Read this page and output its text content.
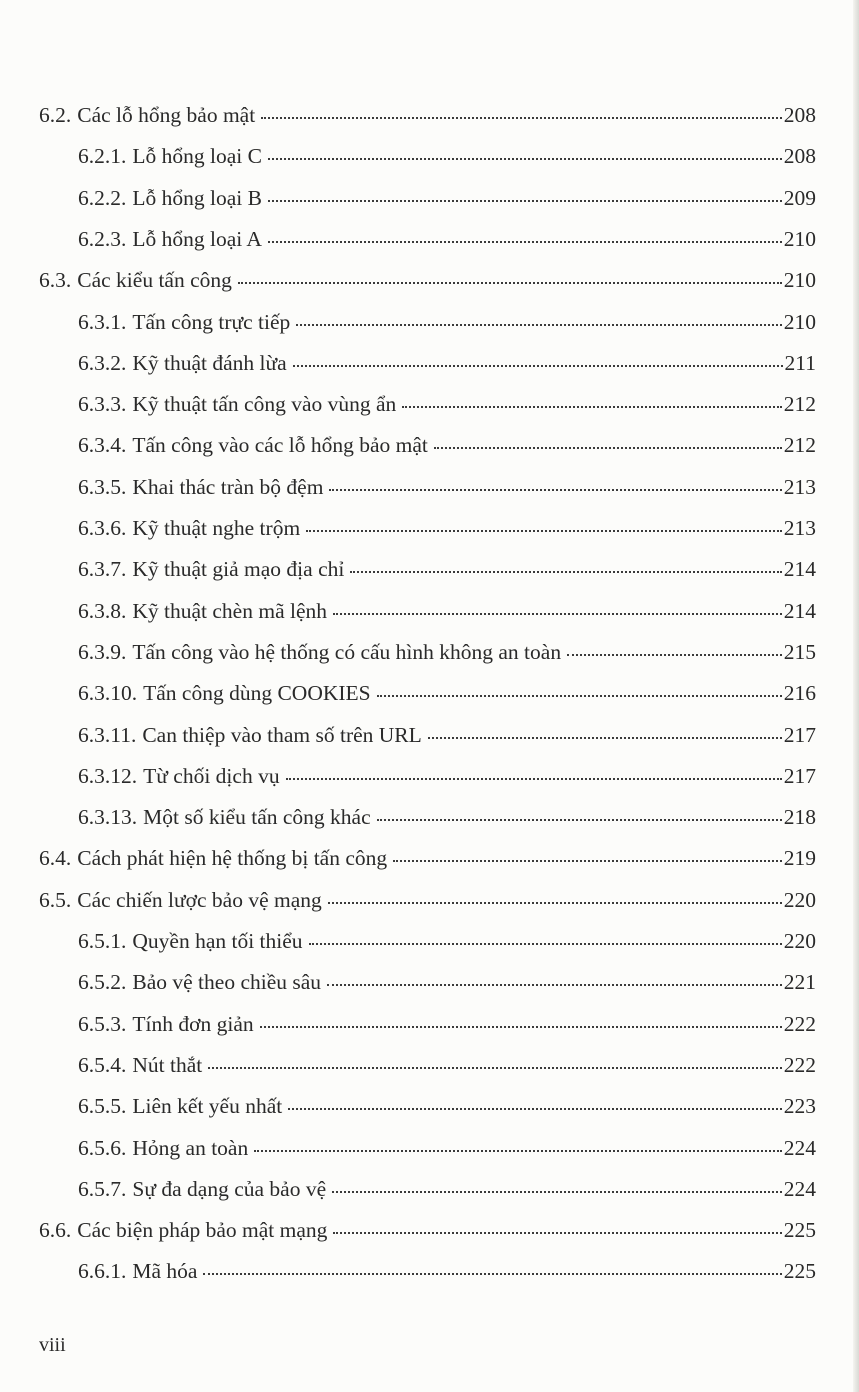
6.2. Các lỗ hổng bảo mật	208
6.2.1. Lỗ hổng loại C	208
6.2.2. Lỗ hổng loại B	209
6.2.3. Lỗ hổng loại A	210
6.3. Các kiểu tấn công	210
6.3.1. Tấn công trực tiếp	210
6.3.2. Kỹ thuật đánh lừa	211
6.3.3. Kỹ thuật tấn công vào vùng ẩn	212
6.3.4. Tấn công vào các lỗ hổng bảo mật	212
6.3.5. Khai thác tràn bộ đệm	213
6.3.6. Kỹ thuật nghe trộm	213
6.3.7. Kỹ thuật giả mạo địa chỉ	214
6.3.8. Kỹ thuật chèn mã lệnh	214
6.3.9. Tấn công vào hệ thống có cấu hình không an toàn	215
6.3.10. Tấn công dùng COOKIES	216
6.3.11. Can thiệp vào tham số trên URL	217
6.3.12. Từ chối dịch vụ	217
6.3.13. Một số kiểu tấn công khác	218
6.4. Cách phát hiện hệ thống bị tấn công	219
6.5. Các chiến lược bảo vệ mạng	220
6.5.1. Quyền hạn tối thiểu	220
6.5.2. Bảo vệ theo chiều sâu	221
6.5.3. Tính đơn giản	222
6.5.4. Nút thắt	222
6.5.5. Liên kết yếu nhất	223
6.5.6. Hỏng an toàn	224
6.5.7. Sự đa dạng của bảo vệ	224
6.6. Các biện pháp bảo mật mạng	225
6.6.1. Mã hóa	225
viii
